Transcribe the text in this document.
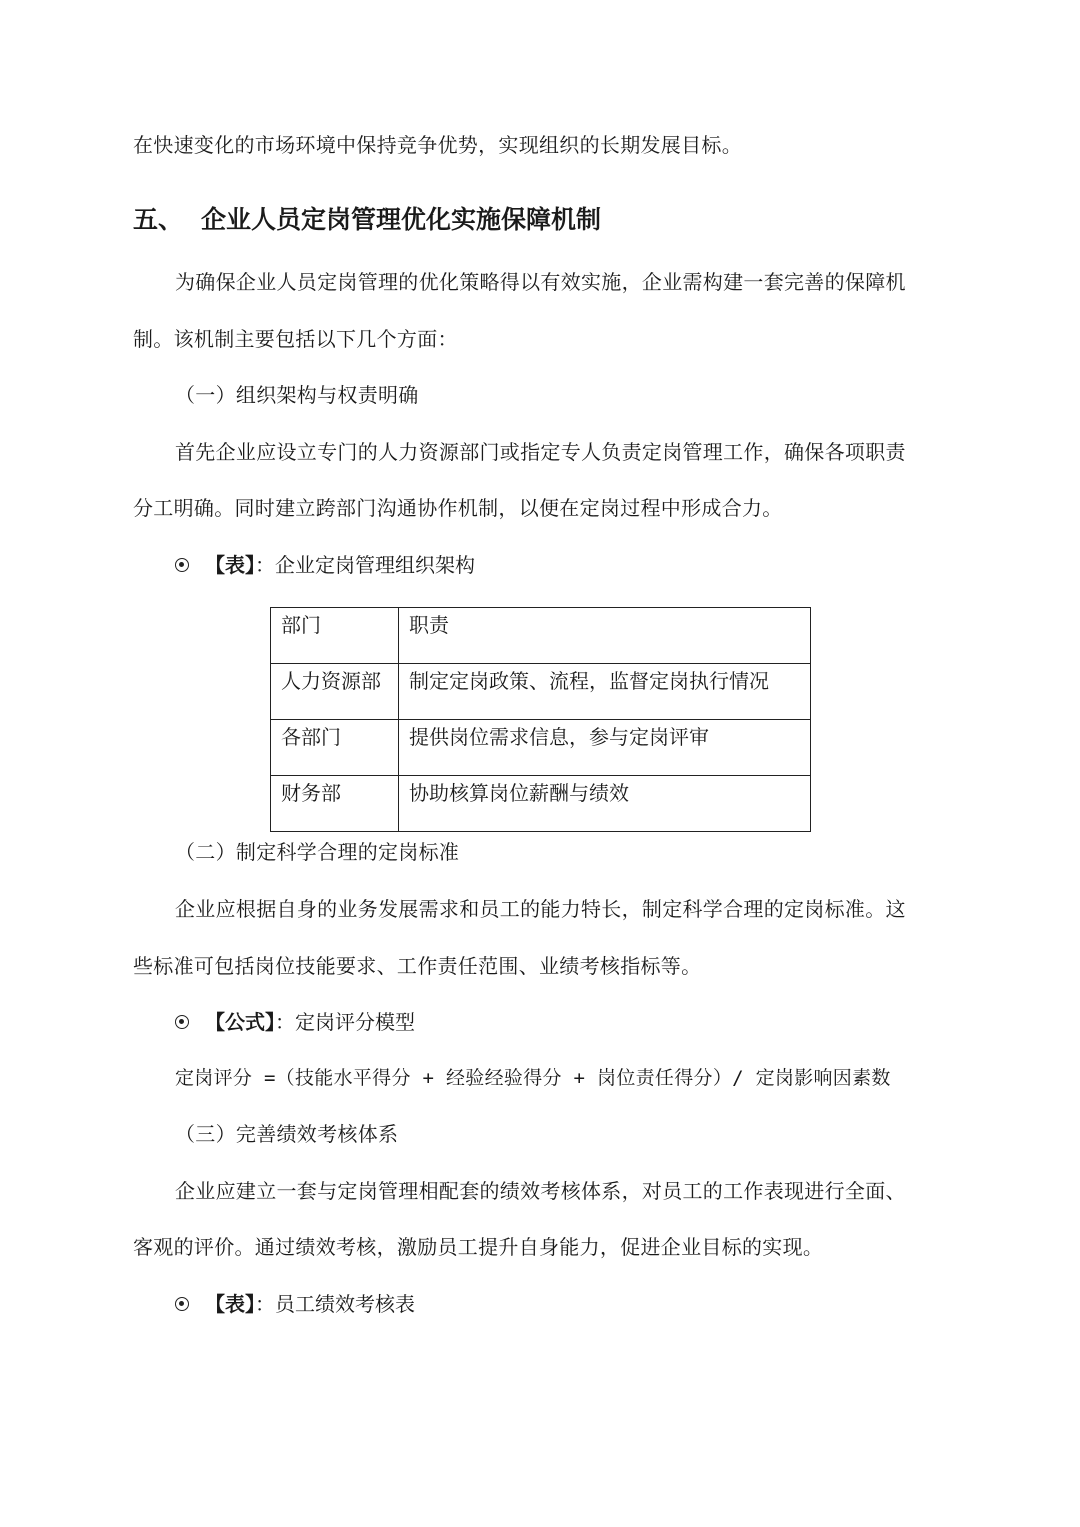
在快速变化的市场环境中保持竞争优势，实现组织的长期发展目标。
五、 企业人员定岗管理优化实施保障机制
为确保企业人员定岗管理的优化策略得以有效实施，企业需构建一套完善的保障机
制。该机制主要包括以下几个方面：
（一）组织架构与权责明确
首先企业应设立专门的人力资源部门或指定专人负责定岗管理工作，确保各项职责
分工明确。同时建立跨部门沟通协作机制，以便在定岗过程中形成合力。
【表】：企业定岗管理组织架构
部门	职责
人力资源部	制定定岗政策、流程，监督定岗执行情况
各部门	提供岗位需求信息，参与定岗评审
财务部	协助核算岗位薪酬与绩效
（二）制定科学合理的定岗标准
企业应根据自身的业务发展需求和员工的能力特长，制定科学合理的定岗标准。这
些标准可包括岗位技能要求、工作责任范围、业绩考核指标等。
【公式】：定岗评分模型
定岗评分 =（技能水平得分 + 经验经验得分 + 岗位责任得分）/ 定岗影响因素数
（三）完善绩效考核体系
企业应建立一套与定岗管理相配套的绩效考核体系，对员工的工作表现进行全面、
客观的评价。通过绩效考核，激励员工提升自身能力，促进企业目标的实现。
【表】：员工绩效考核表
